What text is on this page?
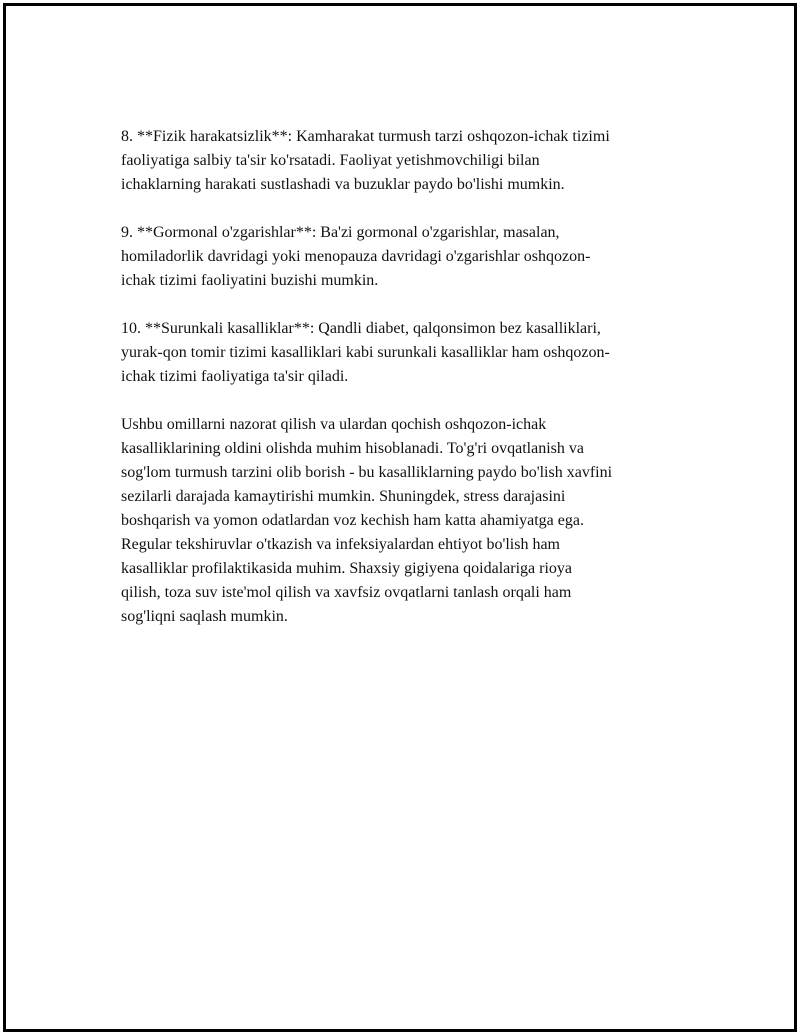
8. **Fizik harakatsizlik**: Kamharakat turmush tarzi oshqozon-ichak tizimi
faoliyatiga salbiy ta'sir ko'rsatadi. Faoliyat yetishmovchiligi bilan
ichaklarning harakati sustlashadi va buzuklar paydo bo'lishi mumkin.

9. **Gormonal o'zgarishlar**: Ba'zi gormonal o'zgarishlar, masalan,
homiladorlik davridagi yoki menopauza davridagi o'zgarishlar oshqozon-
ichak tizimi faoliyatini buzishi mumkin.

10. **Surunkali kasalliklar**: Qandli diabet, qalqonsimon bez kasalliklari,
yurak-qon tomir tizimi kasalliklari kabi surunkali kasalliklar ham oshqozon-
ichak tizimi faoliyatiga ta'sir qiladi.

Ushbu omillarni nazorat qilish va ulardan qochish oshqozon-ichak
kasalliklarining oldini olishda muhim hisoblanadi. To'g'ri ovqatlanish va
sog'lom turmush tarzini olib borish - bu kasalliklarning paydo bo'lish xavfini
sezilarli darajada kamaytirishi mumkin. Shuningdek, stress darajasini
boshqarish va yomon odatlardan voz kechish ham katta ahamiyatga ega.
Regular tekshiruvlar o'tkazish va infeksiyalardan ehtiyot bo'lish ham
kasalliklar profilaktikasida muhim. Shaxsiy gigiyena qoidalariga rioya
qilish, toza suv iste'mol qilish va xavfsiz ovqatlarni tanlash orqali ham
sog'liqni saqlash mumkin.
